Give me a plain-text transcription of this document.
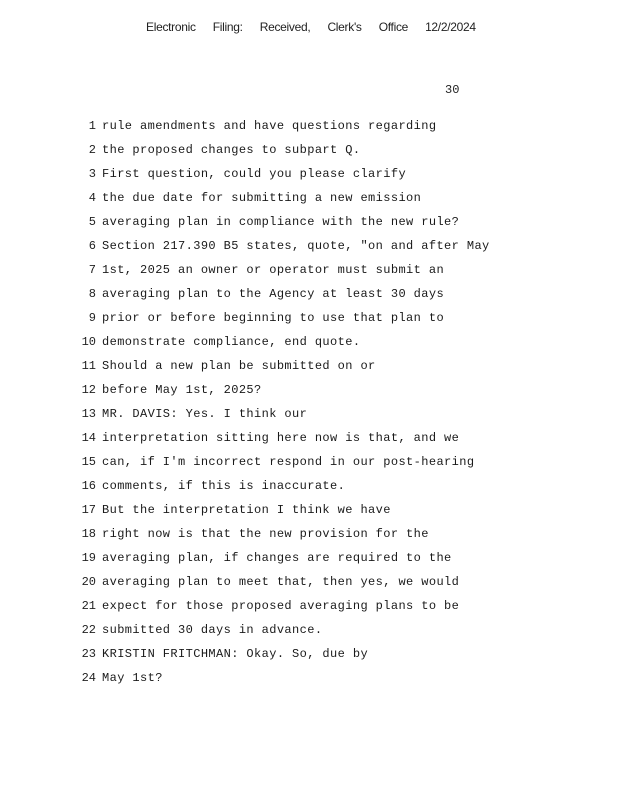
Electronic Filing: Received, Clerk's Office 12/2/2024
30
1 rule amendments and have questions regarding
2 the proposed changes to subpart Q.
3 First question, could you please clarify
4 the due date for submitting a new emission
5 averaging plan in compliance with the new rule?
6 Section 217.390 B5 states, quote, "on and after May
7 1st, 2025 an owner or operator must submit an
8 averaging plan to the Agency at least 30 days
9 prior or before beginning to use that plan to
10 demonstrate compliance, end quote.
11 Should a new plan be submitted on or
12 before May 1st, 2025?
13 MR. DAVIS: Yes. I think our
14 interpretation sitting here now is that, and we
15 can, if I'm incorrect respond in our post-hearing
16 comments, if this is inaccurate.
17 But the interpretation I think we have
18 right now is that the new provision for the
19 averaging plan, if changes are required to the
20 averaging plan to meet that, then yes, we would
21 expect for those proposed averaging plans to be
22 submitted 30 days in advance.
23 KRISTIN FRITCHMAN: Okay. So, due by
24 May 1st?
